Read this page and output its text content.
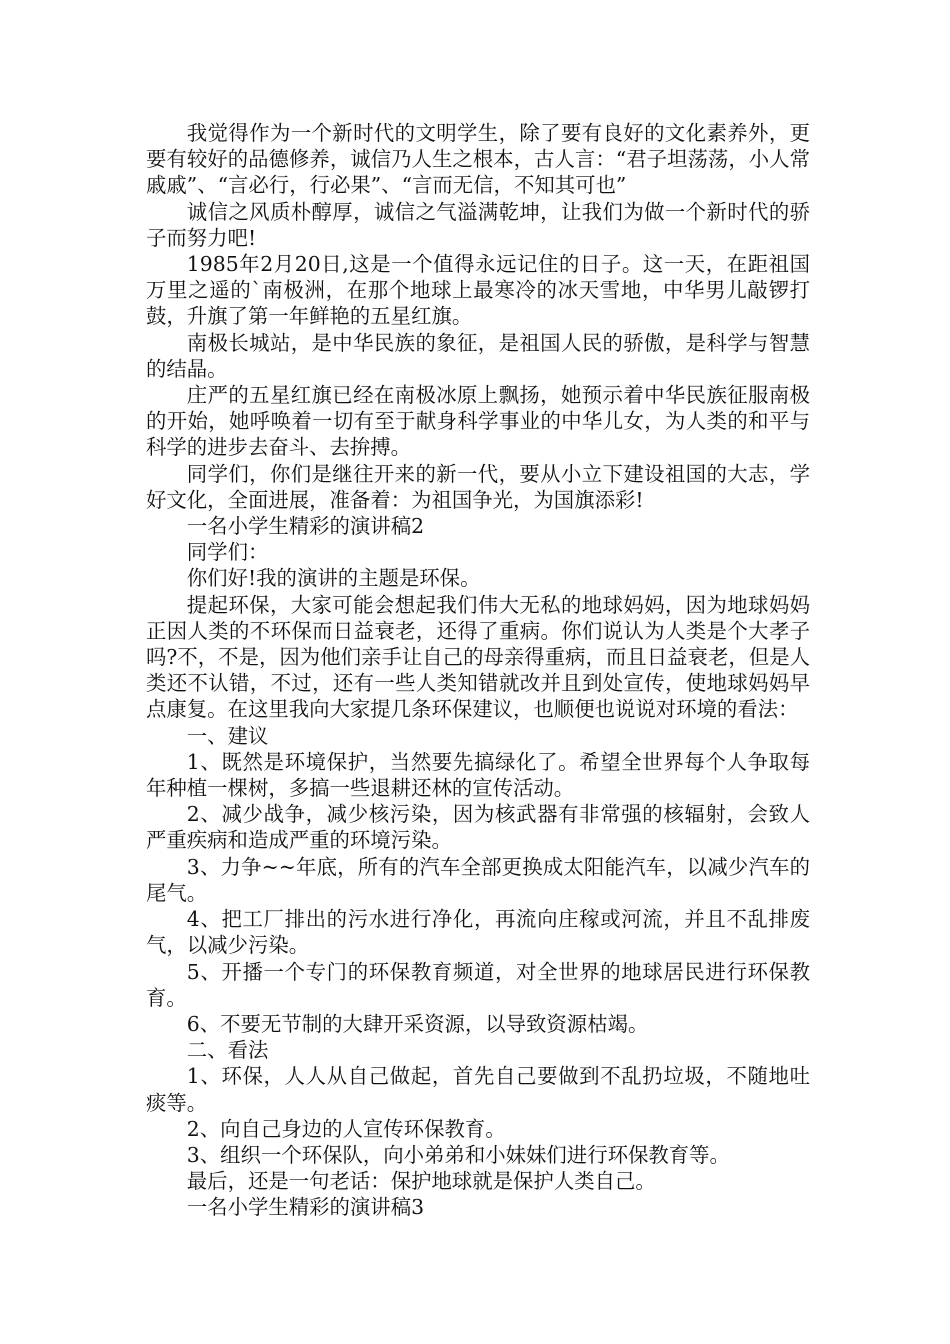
我觉得作为一个新时代的文明学生，除了要有良好的文化素养外，更要有较好的品德修养，诚信乃人生之根本，古人言：“君子坦荡荡，小人常戚戚”、“言必行，行必果”、“言而无信，不知其可也”

诚信之风质朴醇厚，诚信之气溢满乾坤，让我们为做一个新时代的骄子而努力吧!

1985年2月20日,这是一个值得永远记住的日子。这一天，在距祖国万里之遥的`南极洲，在那个地球上最寒冷的冰天雪地，中华男儿敲锣打鼓，升旗了第一年鲜艳的五星红旗。

南极长城站，是中华民族的象征，是祖国人民的骄傲，是科学与智慧的结晶。

庄严的五星红旗已经在南极冰原上飘扬，她预示着中华民族征服南极的开始，她呼唤着一切有至于献身科学事业的中华儿女，为人类的和平与科学的进步去奋斗、去拚搏。

同学们，你们是继往开来的新一代，要从小立下建设祖国的大志，学好文化，全面进展，准备着：为祖国争光，为国旗添彩!

一名小学生精彩的演讲稿2

同学们：

你们好!我的演讲的主题是环保。

提起环保，大家可能会想起我们伟大无私的地球妈妈，因为地球妈妈正因人类的不环保而日益衰老，还得了重病。你们说认为人类是个大孝子吗?不，不是，因为他们亲手让自己的母亲得重病，而且日益衰老，但是人类还不认错，不过，还有一些人类知错就改并且到处宣传，使地球妈妈早点康复。在这里我向大家提几条环保建议，也顺便也说说对环境的看法：

一、建议

1、既然是环境保护，当然要先搞绿化了。希望全世界每个人争取每年种植一棵树，多搞一些退耕还林的宣传活动。

2、减少战争，减少核污染，因为核武器有非常强的核辐射，会致人严重疾病和造成严重的环境污染。

3、力争~~年底，所有的汽车全部更换成太阳能汽车，以减少汽车的尾气。

4、把工厂排出的污水进行净化，再流向庄稼或河流，并且不乱排废气，以减少污染。

5、开播一个专门的环保教育频道，对全世界的地球居民进行环保教育。

6、不要无节制的大肆开采资源，以导致资源枯竭。

二、看法

1、环保，人人从自己做起，首先自己要做到不乱扔垃圾，不随地吐痰等。

2、向自己身边的人宣传环保教育。

3、组织一个环保队，向小弟弟和小妹妹们进行环保教育等。

最后，还是一句老话：保护地球就是保护人类自己。

一名小学生精彩的演讲稿3
